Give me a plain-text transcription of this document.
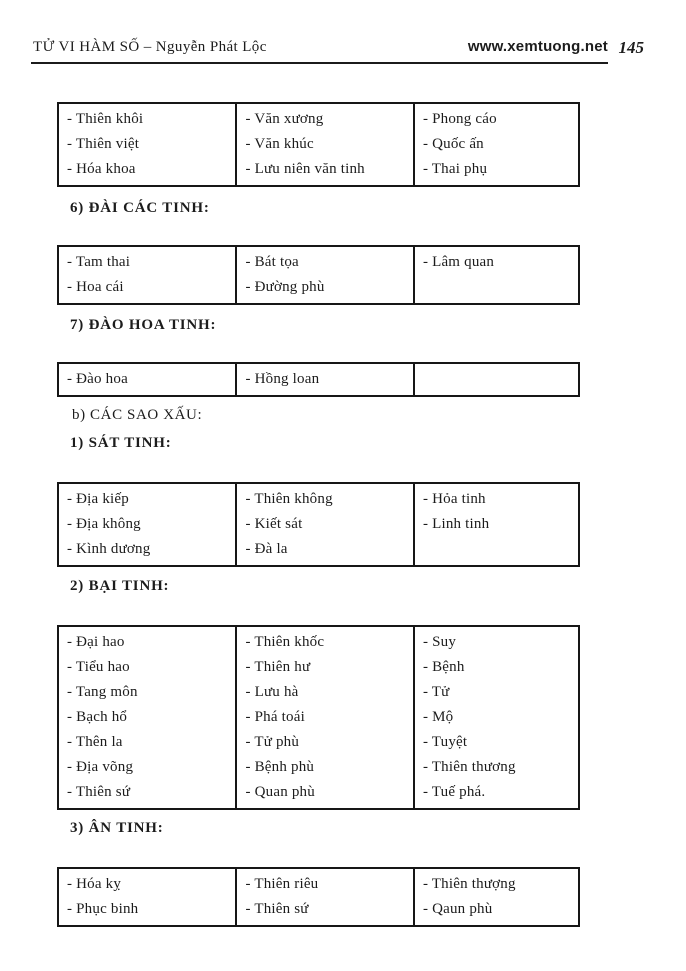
TỬ VI HÀM SỐ – Nguyễn Phát Lộc	www.xemtuong.net 145
- Thiên khôi
- Thiên việt
- Hóa khoa
- Văn xương
- Văn khúc
- Lưu niên văn tinh
- Phong cáo
- Quốc ấn
- Thai phụ
6) ĐÀI CÁC TINH:
- Tam thai
- Hoa cái
- Bát tọa
- Đường phù
- Lâm quan
7) ĐÀO HOA TINH:
- Đào hoa	- Hồng loan
b) CÁC SAO XẤU:
1) SÁT TINH:
- Địa kiếp
- Địa không
- Kình dương
- Thiên không
- Kiết sát
- Đà la
- Hỏa tinh
- Linh tinh
2) BẠI TINH:
- Đại hao
- Tiểu hao
- Tang môn
- Bạch hổ
- Thên la
- Địa võng
- Thiên sứ
- Thiên khốc
- Thiên hư
- Lưu hà
- Phá toái
- Tử phù
- Bệnh phù
- Quan phù
- Suy
- Bệnh
- Tử
- Mộ
- Tuyệt
- Thiên thương
- Tuế phá.
3) ÂN TINH:
- Hóa kỵ
- Phục binh
- Thiên riêu
- Thiên sứ
- Thiên thượng
- Qaun phù
